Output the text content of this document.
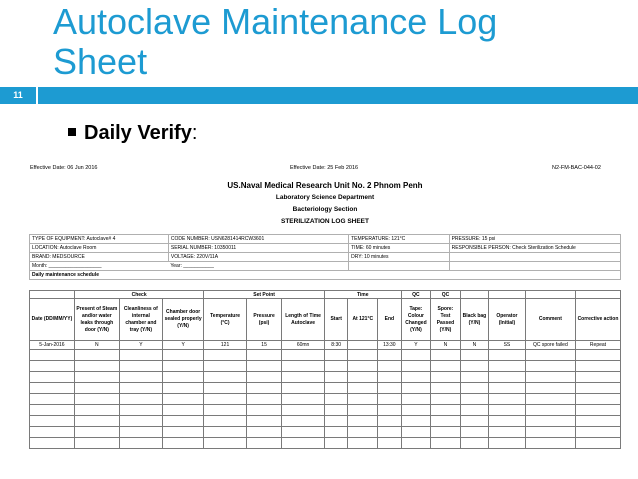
Autoclave Maintenance Log Sheet
11
Daily Verify:
Effective Date: 06 Jun 2016	Effective Date: 25 Feb 2016	N2-FM-BAC-044-02
US.Naval Medical Research Unit No. 2 Phnom Penh
Laboratory Science Department
Bacteriology Section
STERILIZATION LOG SHEET
TYPE OF EQUIPMENT: Autoclave# 4	CODE NUMBER: USN6281414RCW3601	TEMPERATURE: 121°C	PRESSURE: 15 psi
LOCATION: Autoclave Room	SERIAL NUMBER: 10350011	TIME: 60 minutes	RESPONSIBLE PERSON: Check Sterilization Schedule
BRAND: MEDSOURCE	VOLTAGE: 220V/11A	DRY: 10 minutes	
Month: ___________________	Year: ___________		
Daily maintenance schedule			
	Check			Set Point			Time			QC	QC				
Date (DD/MM/YY)	Present of Steam and/or water leaks through door (Y/N)	Cleanliness of internal chamber and tray (Y/N)	Chamber door sealed properly (Y/N)	Temperature (°C)	Pressure (psi)	Length of Time Autoclave	Start	At 121°C	End	Tape: Colour Changed (Y/N)	Spore: Test Passed (Y/N)	Black bag (Y/N)	Operator (Initial)	Comment	Corrective action
5-Jan-2016	N	Y	Y	121	15	60mn	8:30		13:30	Y	N	N	SS	QC spore failed	Repeat
